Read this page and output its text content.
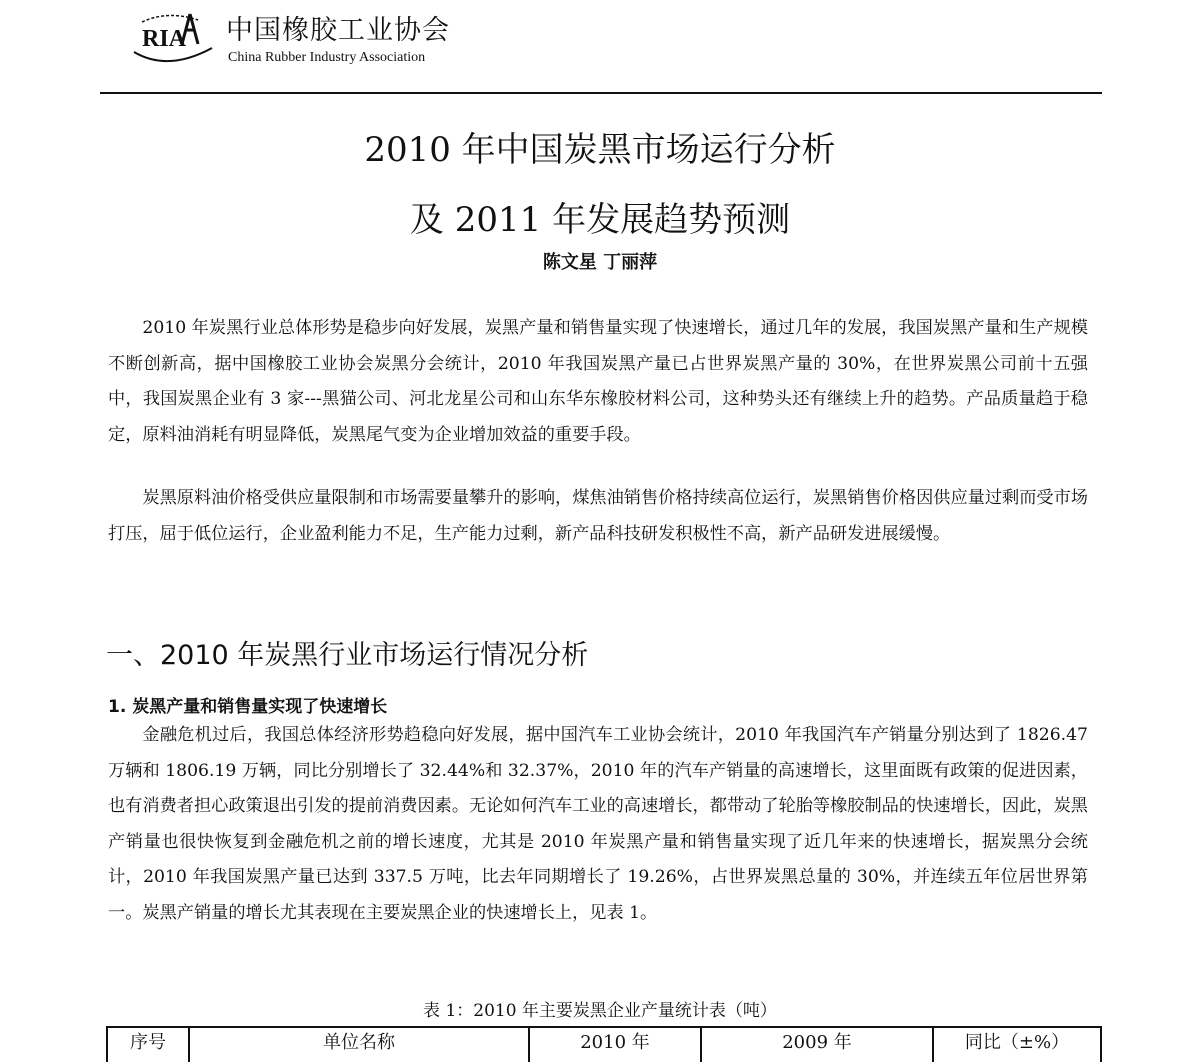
RIA 中国橡胶工业协会
China Rubber Industry Association
2010 年中国炭黑市场运行分析
及 2011 年发展趋势预测
陈文星 丁丽萍

2010 年炭黑行业总体形势是稳步向好发展，炭黑产量和销售量实现了快速增长，通过几年的发展，我国炭黑产量和生产规模不断创新高，据中国橡胶工业协会炭黑分会统计，2010 年我国炭黑产量已占世界炭黑产量的 30%，在世界炭黑公司前十五强中，我国炭黑企业有 3 家---黑猫公司、河北龙星公司和山东华东橡胶材料公司，这种势头还有继续上升的趋势。产品质量趋于稳定，原料油消耗有明显降低，炭黑尾气变为企业增加效益的重要手段。

炭黑原料油价格受供应量限制和市场需要量攀升的影响，煤焦油销售价格持续高位运行，炭黑销售价格因供应量过剩而受市场打压，屈于低位运行，企业盈利能力不足，生产能力过剩，新产品科技研发积极性不高，新产品研发进展缓慢。

一、2010 年炭黑行业市场运行情况分析
1. 炭黑产量和销售量实现了快速增长

金融危机过后，我国总体经济形势趋稳向好发展，据中国汽车工业协会统计，2010 年我国汽车产销量分别达到了 1826.47 万辆和 1806.19 万辆，同比分别增长了 32.44%和 32.37%，2010 年的汽车产销量的高速增长，这里面既有政策的促进因素，也有消费者担心政策退出引发的提前消费因素。无论如何汽车工业的高速增长，都带动了轮胎等橡胶制品的快速增长，因此，炭黑产销量也很快恢复到金融危机之前的增长速度，尤其是 2010 年炭黑产量和销售量实现了近几年来的快速增长，据炭黑分会统计，2010 年我国炭黑产量已达到 337.5 万吨，比去年同期增长了 19.26%，占世界炭黑总量的 30%，并连续五年位居世界第一。炭黑产销量的增长尤其表现在主要炭黑企业的快速增长上，见表 1。

表 1：2010 年主要炭黑企业产量统计表（吨）
序号	单位名称	2010 年	2009 年	同比（±%）
